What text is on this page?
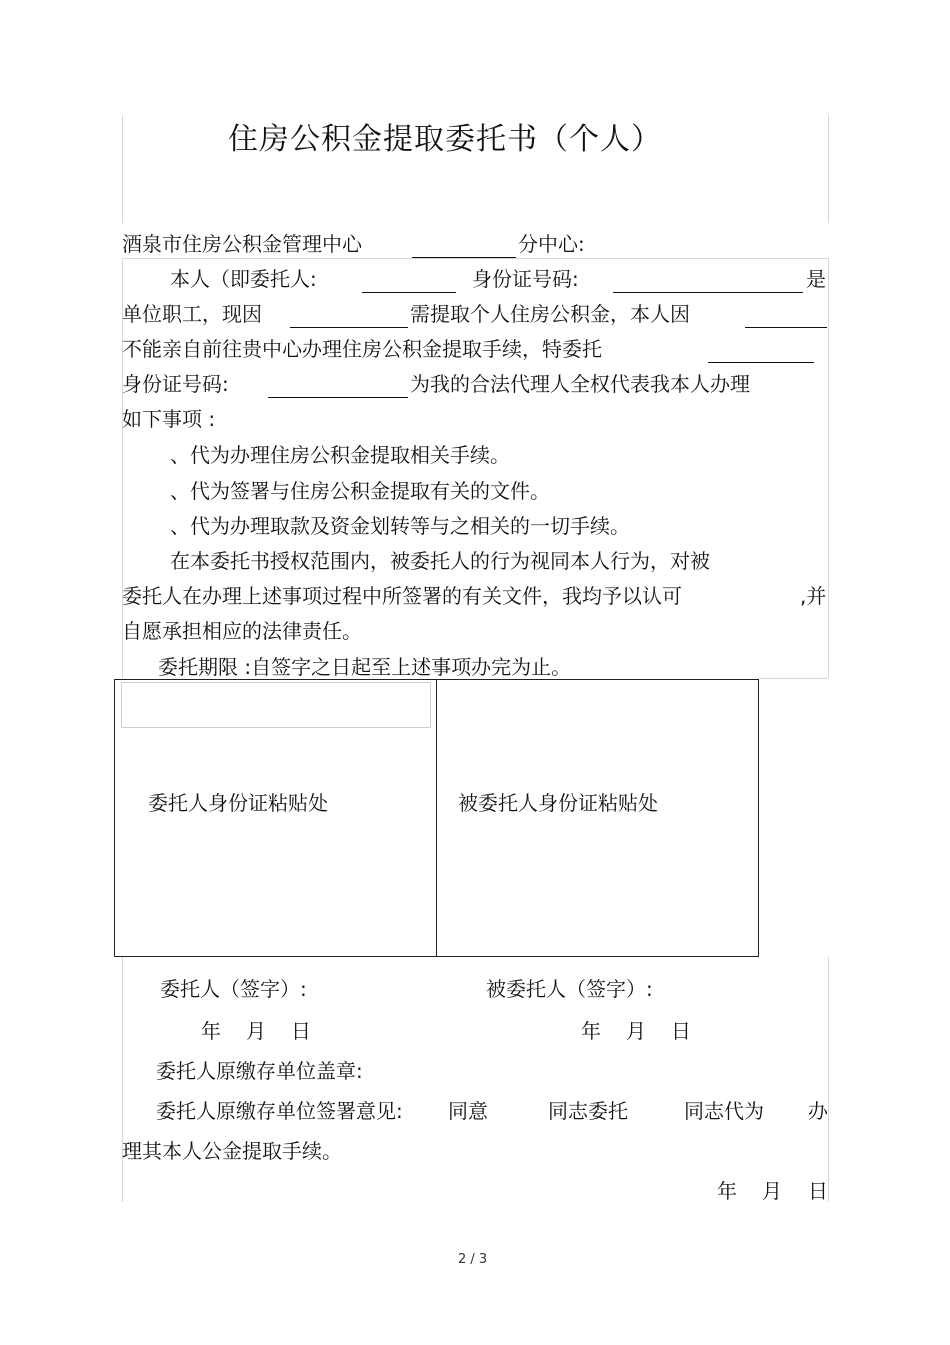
住房公积金提取委托书（个人）
酒泉市住房公积金管理中心	分中心:
本人（即委托人:	身份证号码:	是
单位职工，现因	需提取个人住房公积金，本人因
不能亲自前往贵中心办理住房公积金提取手续，特委托
身份证号码:	为我的合法代理人全权代表我本人办理
如下事项 :
、代为办理住房公积金提取相关手续。
、代为签署与住房公积金提取有关的文件。
、代为办理取款及资金划转等与之相关的一切手续。
在本委托书授权范围内，被委托人的行为视同本人行为，对被
委托人在办理上述事项过程中所签署的有关文件，我均予以认可	,并
自愿承担相应的法律责任。
委托期限 :自签字之日起至上述事项办完为止。
委托人身份证粘贴处	被委托人身份证粘贴处
委托人（签字）:	被委托人（签字）:
年 月 日	年 月 日
委托人原缴存单位盖章:
委托人原缴存单位签署意见: 同意	同志委托	同志代为 办
理其本人公金提取手续。
年 月 日
2 / 3
